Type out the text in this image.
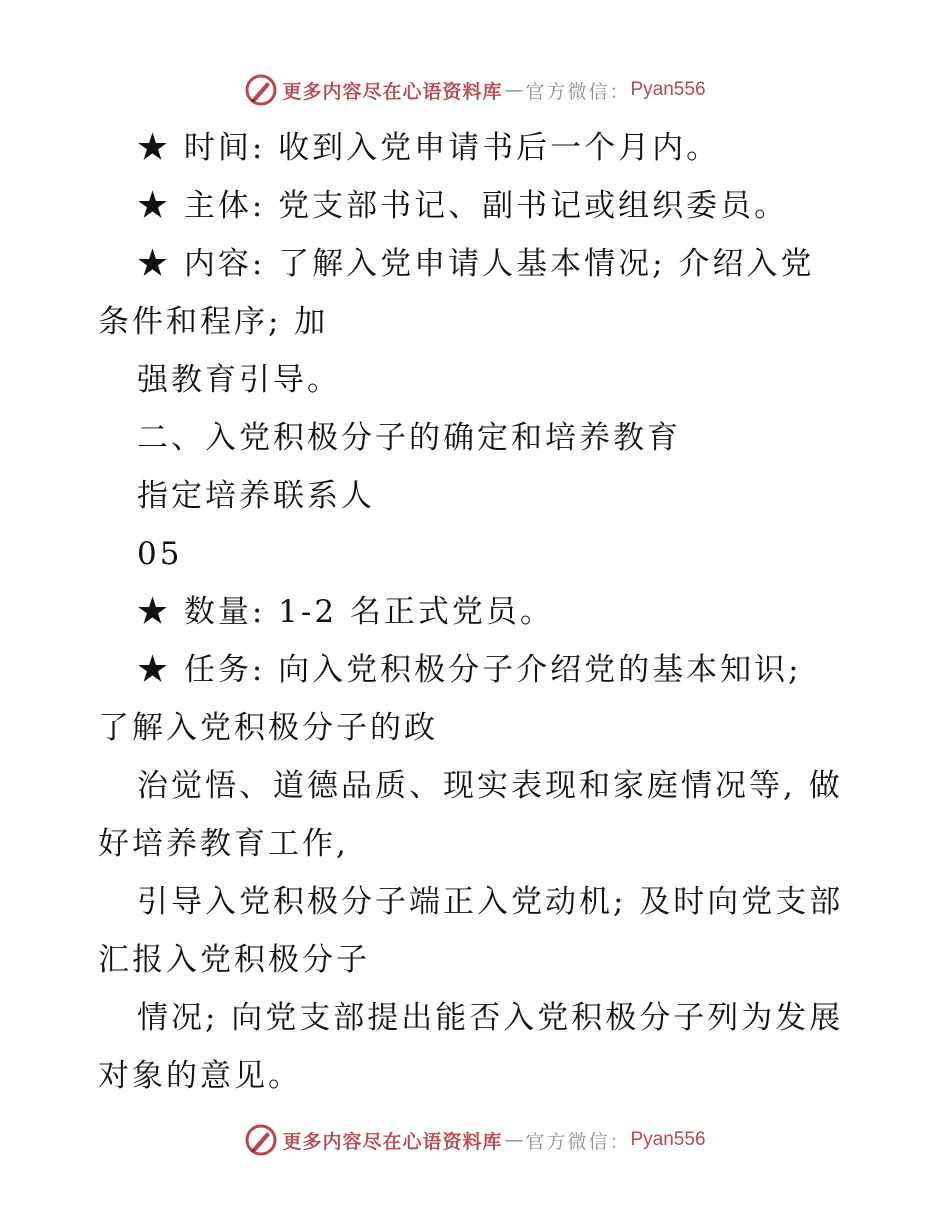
更多内容尽在心语资料库 — 官方微信： Pyan556
★ 时间: 收到入党申请书后一个月内。
★ 主体: 党支部书记、副书记或组织委员。
★ 内容: 了解入党申请人基本情况; 介绍入党
条件和程序; 加
强教育引导。
二、入党积极分子的确定和培养教育
指定培养联系人
05
★ 数量: 1-2 名正式党员。
★ 任务: 向入党积极分子介绍党的基本知识;
了解入党积极分子的政
治觉悟、道德品质、现实表现和家庭情况等, 做
好培养教育工作,
引导入党积极分子端正入党动机; 及时向党支部
汇报入党积极分子
情况; 向党支部提出能否入党积极分子列为发展
对象的意见。
更多内容尽在心语资料库 — 官方微信： Pyan556
